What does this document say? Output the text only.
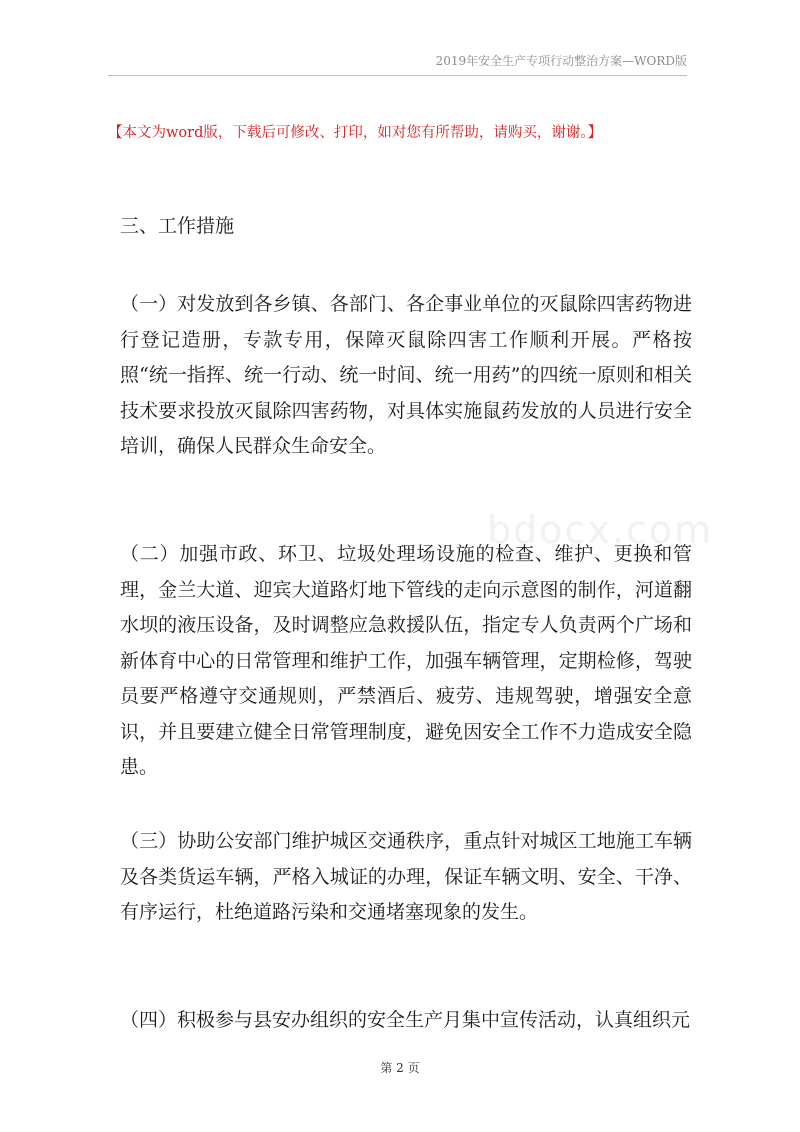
2019年安全生产专项行动整治方案—WORD版
【本文为word版，下载后可修改、打印，如对您有所帮助，请购买，谢谢。】
三、工作措施

（一）对发放到各乡镇、各部门、各企事业单位的灭鼠除四害药物进行登记造册，专款专用，保障灭鼠除四害工作顺利开展。严格按照“统一指挥、统一行动、统一时间、统一用药”的四统一原则和相关技术要求投放灭鼠除四害药物，对具体实施鼠药发放的人员进行安全培训，确保人民群众生命安全。

（二）加强市政、环卫、垃圾处理场设施的检查、维护、更换和管理，金兰大道、迎宾大道路灯地下管线的走向示意图的制作，河道翻水坝的液压设备，及时调整应急救援队伍，指定专人负责两个广场和新体育中心的日常管理和维护工作，加强车辆管理，定期检修，驾驶员要严格遵守交通规则，严禁酒后、疲劳、违规驾驶，增强安全意识，并且要建立健全日常管理制度，避免因安全工作不力造成安全隐患。

（三）协助公安部门维护城区交通秩序，重点针对城区工地施工车辆及各类货运车辆，严格入城证的办理，保证车辆文明、安全、干净、有序运行，杜绝道路污染和交通堵塞现象的发生。

（四）积极参与县安办组织的安全生产月集中宣传活动，认真组织元

bdocx.com
第 2 页
